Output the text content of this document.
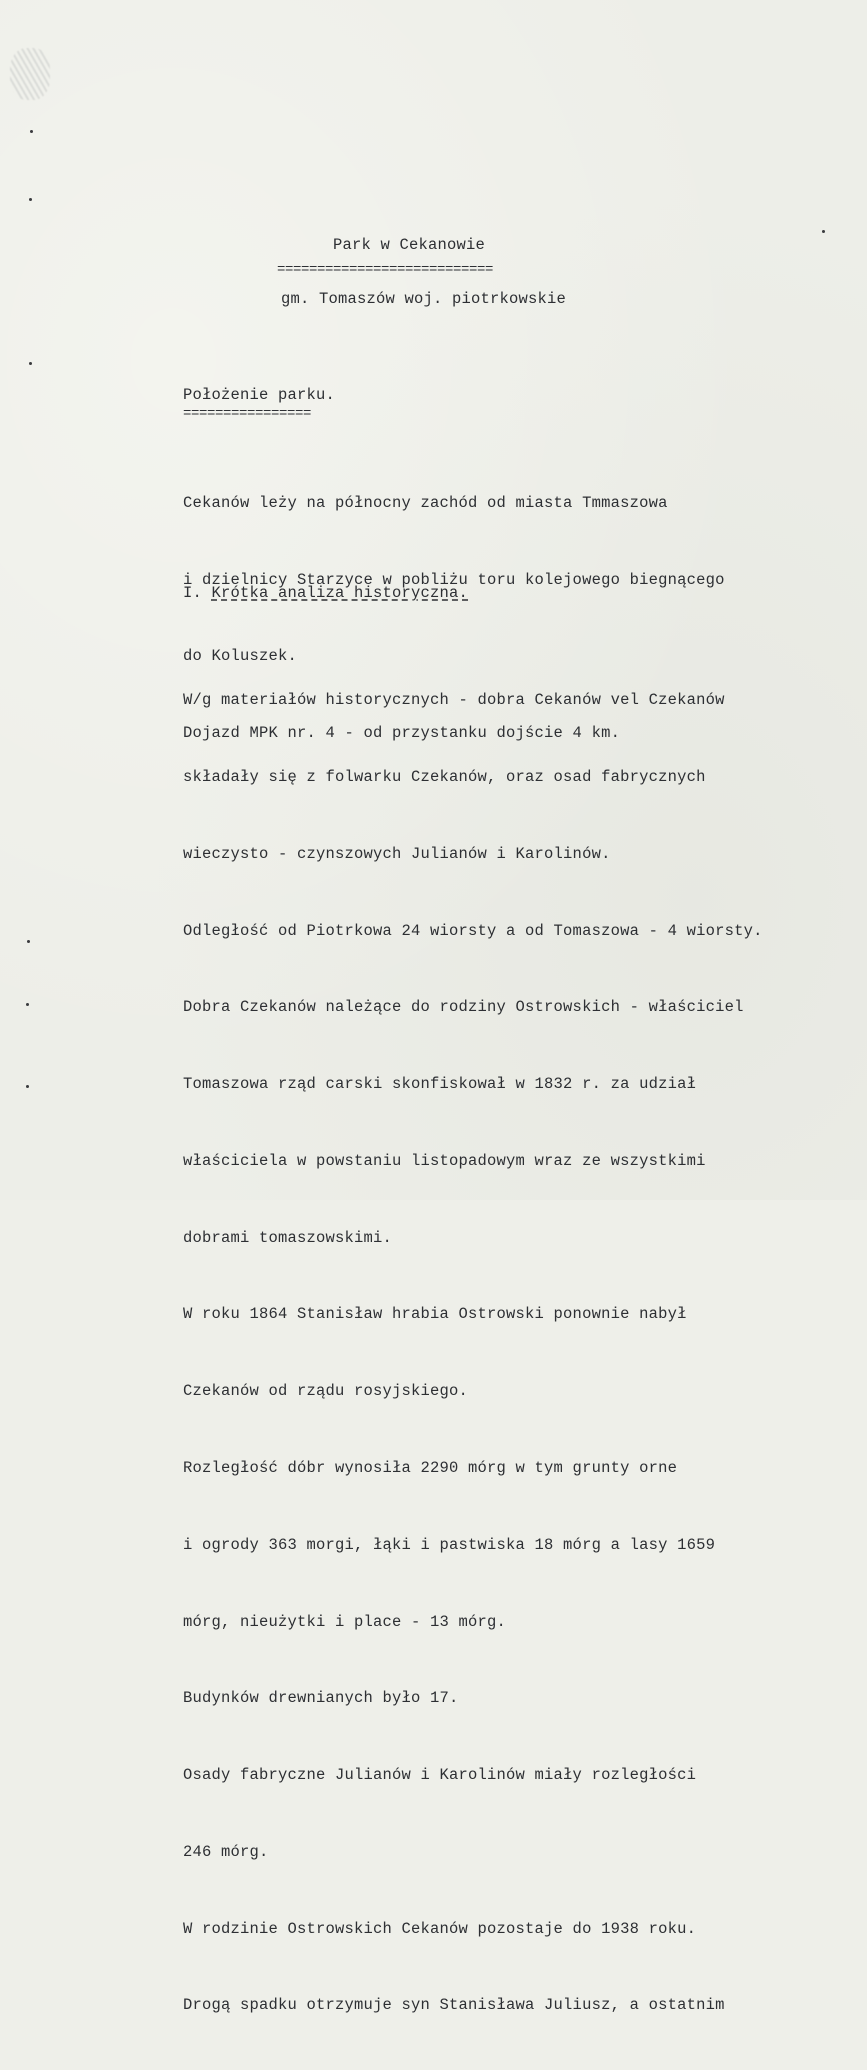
Park w Cekanowie

===========================

gm. Tomaszów woj. piotrkowskie

Położenie parku.

================

Cekanów leży na północny zachód od miasta Tmmaszowa

i dzielnicy Starzyce w pobliżu toru kolejowego biegnącego

do Koluszek.

Dojazd MPK nr. 4 - od przystanku dojście 4 km.

I. Krótka analiza historyczna.

W/g materiałów historycznych - dobra Cekanów vel Czekanów

składały się z folwarku Czekanów, oraz osad fabrycznych

wieczysto - czynszowych Julianów i Karolinów.

Odległość od Piotrkowa 24 wiorsty a od Tomaszowa - 4 wiorsty.

Dobra Czekanów należące do rodziny Ostrowskich - właściciel

Tomaszowa rząd carski skonfiskował w 1832 r. za udział

właściciela w powstaniu listopadowym wraz ze wszystkimi

dobrami tomaszowskimi.

W roku 1864 Stanisław hrabia Ostrowski ponownie nabył

Czekanów od rządu rosyjskiego.

Rozległość dóbr wynosiła 2290 mórg w tym grunty orne

i ogrody 363 morgi, łąki i pastwiska 18 mórg a lasy 1659

mórg, nieużytki i place - 13 mórg.

Budynków drewnianych było 17.

Osady fabryczne Julianów i Karolinów miały rozległości

246 mórg.

W rodzinie Ostrowskich Cekanów pozostaje do 1938 roku.

Drogą spadku otrzymuje syn Stanisława Juliusz, a ostatnim
